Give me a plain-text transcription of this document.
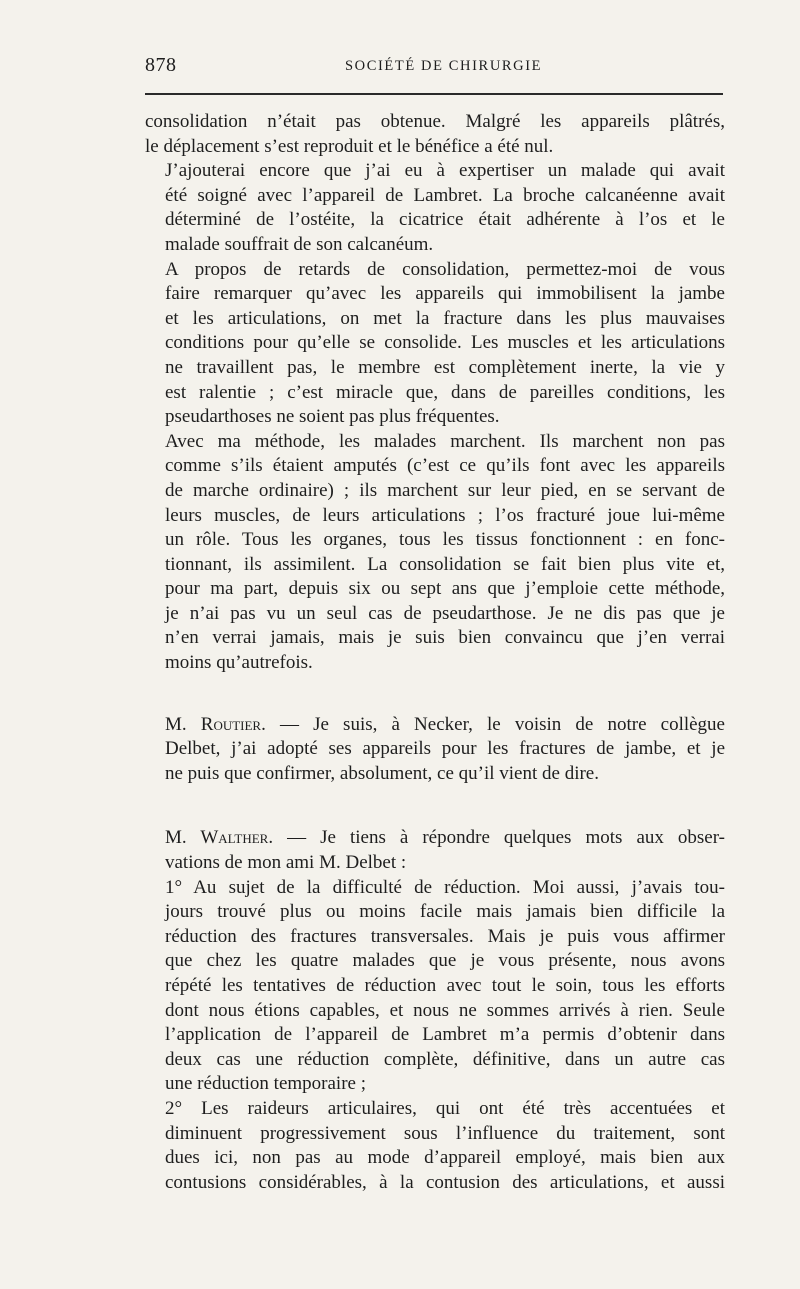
878	SOCIÉTÉ DE CHIRURGIE

consolidation n’était pas obtenue. Malgré les appareils plâtrés,
le déplacement s’est reproduit et le bénéfice a été nul.

J’ajouterai encore que j’ai eu à expertiser un malade qui avait
été soigné avec l’appareil de Lambret. La broche calcanéenne avait
déterminé de l’ostéite, la cicatrice était adhérente à l’os et le
malade souffrait de son calcanéum.

A propos de retards de consolidation, permettez-moi de vous
faire remarquer qu’avec les appareils qui immobilisent la jambe
et les articulations, on met la fracture dans les plus mauvaises
conditions pour qu’elle se consolide. Les muscles et les articulations
ne travaillent pas, le membre est complètement inerte, la vie y
est ralentie ; c’est miracle que, dans de pareilles conditions, les
pseudarthoses ne soient pas plus fréquentes.

Avec ma méthode, les malades marchent. Ils marchent non pas
comme s’ils étaient amputés (c’est ce qu’ils font avec les appareils
de marche ordinaire) ; ils marchent sur leur pied, en se servant de
leurs muscles, de leurs articulations ; l’os fracturé joue lui-même
un rôle. Tous les organes, tous les tissus fonctionnent : en fonc-
tionnant, ils assimilent. La consolidation se fait bien plus vite et,
pour ma part, depuis six ou sept ans que j’emploie cette méthode,
je n’ai pas vu un seul cas de pseudarthose. Je ne dis pas que je
n’en verrai jamais, mais je suis bien convaincu que j’en verrai
moins qu’autrefois.

M. Routier. — Je suis, à Necker, le voisin de notre collègue
Delbet, j’ai adopté ses appareils pour les fractures de jambe, et je
ne puis que confirmer, absolument, ce qu’il vient de dire.

M. Walther. — Je tiens à répondre quelques mots aux obser-
vations de mon ami M. Delbet :

1° Au sujet de la difficulté de réduction. Moi aussi, j’avais tou-
jours trouvé plus ou moins facile mais jamais bien difficile la
réduction des fractures transversales. Mais je puis vous affirmer
que chez les quatre malades que je vous présente, nous avons
répété les tentatives de réduction avec tout le soin, tous les efforts
dont nous étions capables, et nous ne sommes arrivés à rien. Seule
l’application de l’appareil de Lambret m’a permis d’obtenir dans
deux cas une réduction complète, définitive, dans un autre cas
une réduction temporaire ;

2° Les raideurs articulaires, qui ont été très accentuées et
diminuent progressivement sous l’influence du traitement, sont
dues ici, non pas au mode d’appareil employé, mais bien aux
contusions considérables, à la contusion des articulations, et aussi
